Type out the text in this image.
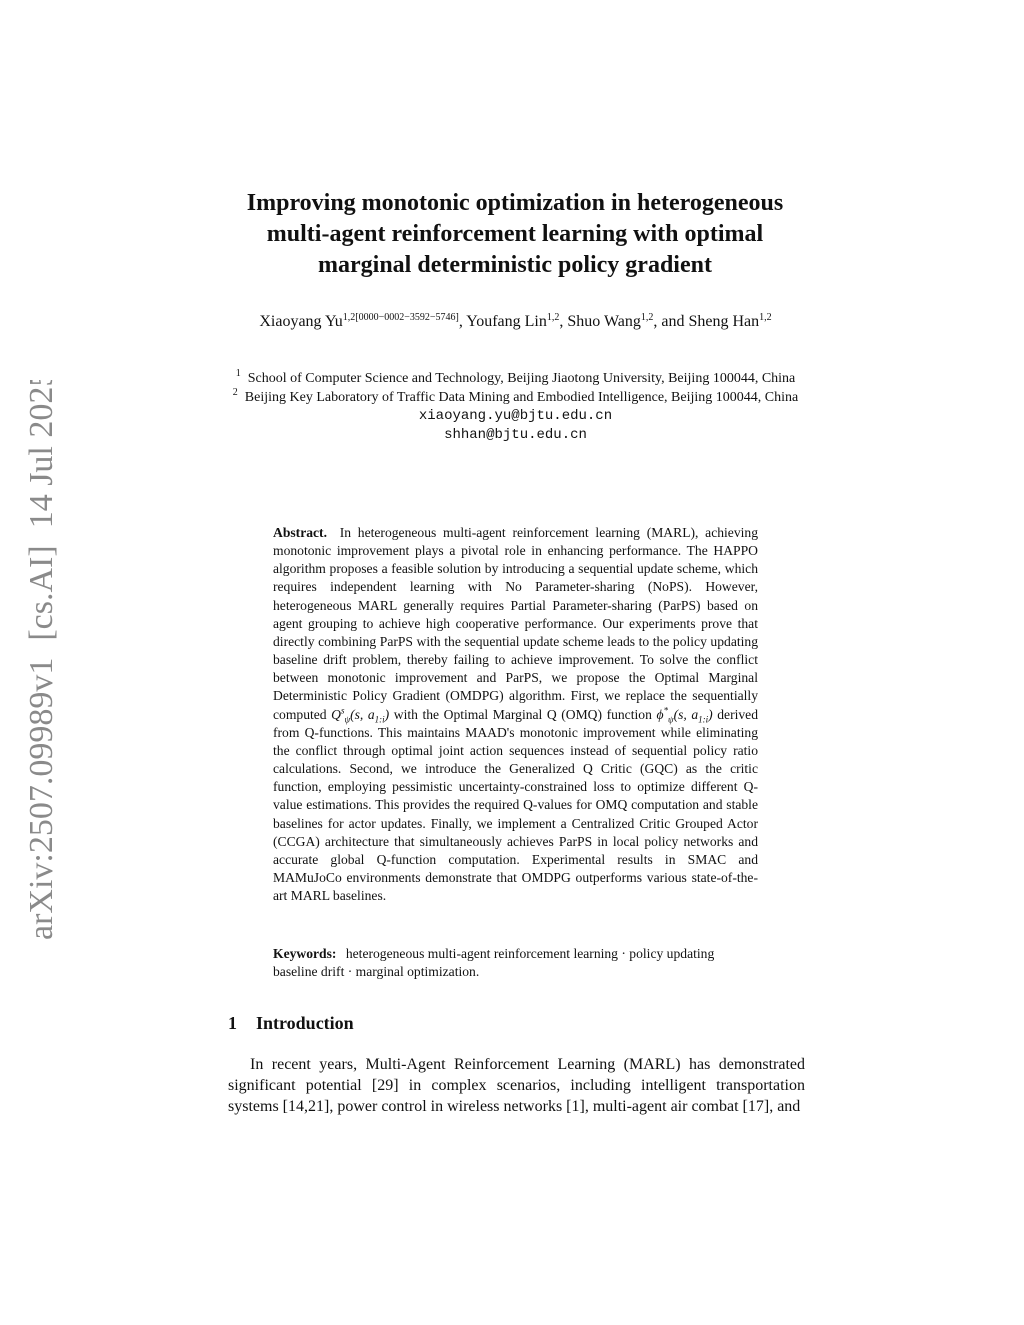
arXiv:2507.09989v1  [cs.AI]  14 Jul 2025
Improving monotonic optimization in heterogeneous
multi-agent reinforcement learning with optimal
marginal deterministic policy gradient
Xiaoyang $Yu^{1,2[0000-0002-3592-5746]}$, Youfang Lin$^{1,2}$, Shuo Wang$^{1,2}$, and Sheng Han$^{1,2}$
$^1$ School of Computer Science and Technology, Beijing Jiaotong University, Beijing 100044, China
$^2$ Beijing Key Laboratory of Traffic Data Mining and Embodied Intelligence, Beijing 100044, China
xiaoyang.yu@bjtu.edu.cn
shhan@bjtu.edu.cn
Abstract. In heterogeneous multi-agent reinforcement learning (MARL), achieving monotonic improvement plays a pivotal role in enhancing performance. The HAPPO algorithm proposes a feasible solution by introducing a sequential update scheme, which requires independent learning with No Parameter-sharing (NoPS). However, heterogeneous MARL generally requires Partial Parameter-sharing (ParPS) based on agent grouping to achieve high cooperative performance. Our experiments prove that directly combining ParPS with the sequential update scheme leads to the policy updating baseline drift problem, thereby failing to achieve improvement. To solve the conflict between monotonic improvement and ParPS, we propose the Optimal Marginal Deterministic Policy Gradient (OMDPG) algorithm. First, we replace the sequentially computed $Q^s_\psi(s$, $a_{1:i}$) with the Optimal Marginal Q (OMQ) function $\phi^*_\psi(s$, $a_{1:i}$) derived from Q-functions. This maintains MAAD's monotonic improvement while eliminating the conflict through optimal joint action sequences instead of sequential policy ratio calculations. Second, we introduce the Generalized Q Critic (GQC) as the critic function, employing pessimistic uncertainty-constrained loss to optimize different Q-value estimations. This provides the required Q-values for OMQ computation and stable baselines for actor updates. Finally, we implement a Centralized Critic Grouped Actor (CCGA) architecture that simultaneously achieves ParPS in local policy networks and accurate global Q-function computation. Experimental results in SMAC and MAMuJoCo environments demonstrate that OMDPG outperforms various state-of-the-art MARL baselines.
Keywords: heterogeneous multi-agent reinforcement learning · policy updating baseline drift · marginal optimization.
1 Introduction
In recent years, Multi-Agent Reinforcement Learning (MARL) has demonstrated significant potential [29] in complex scenarios, including intelligent transportation systems [14,21], power control in wireless networks [1], multi-agent air combat [17], and
